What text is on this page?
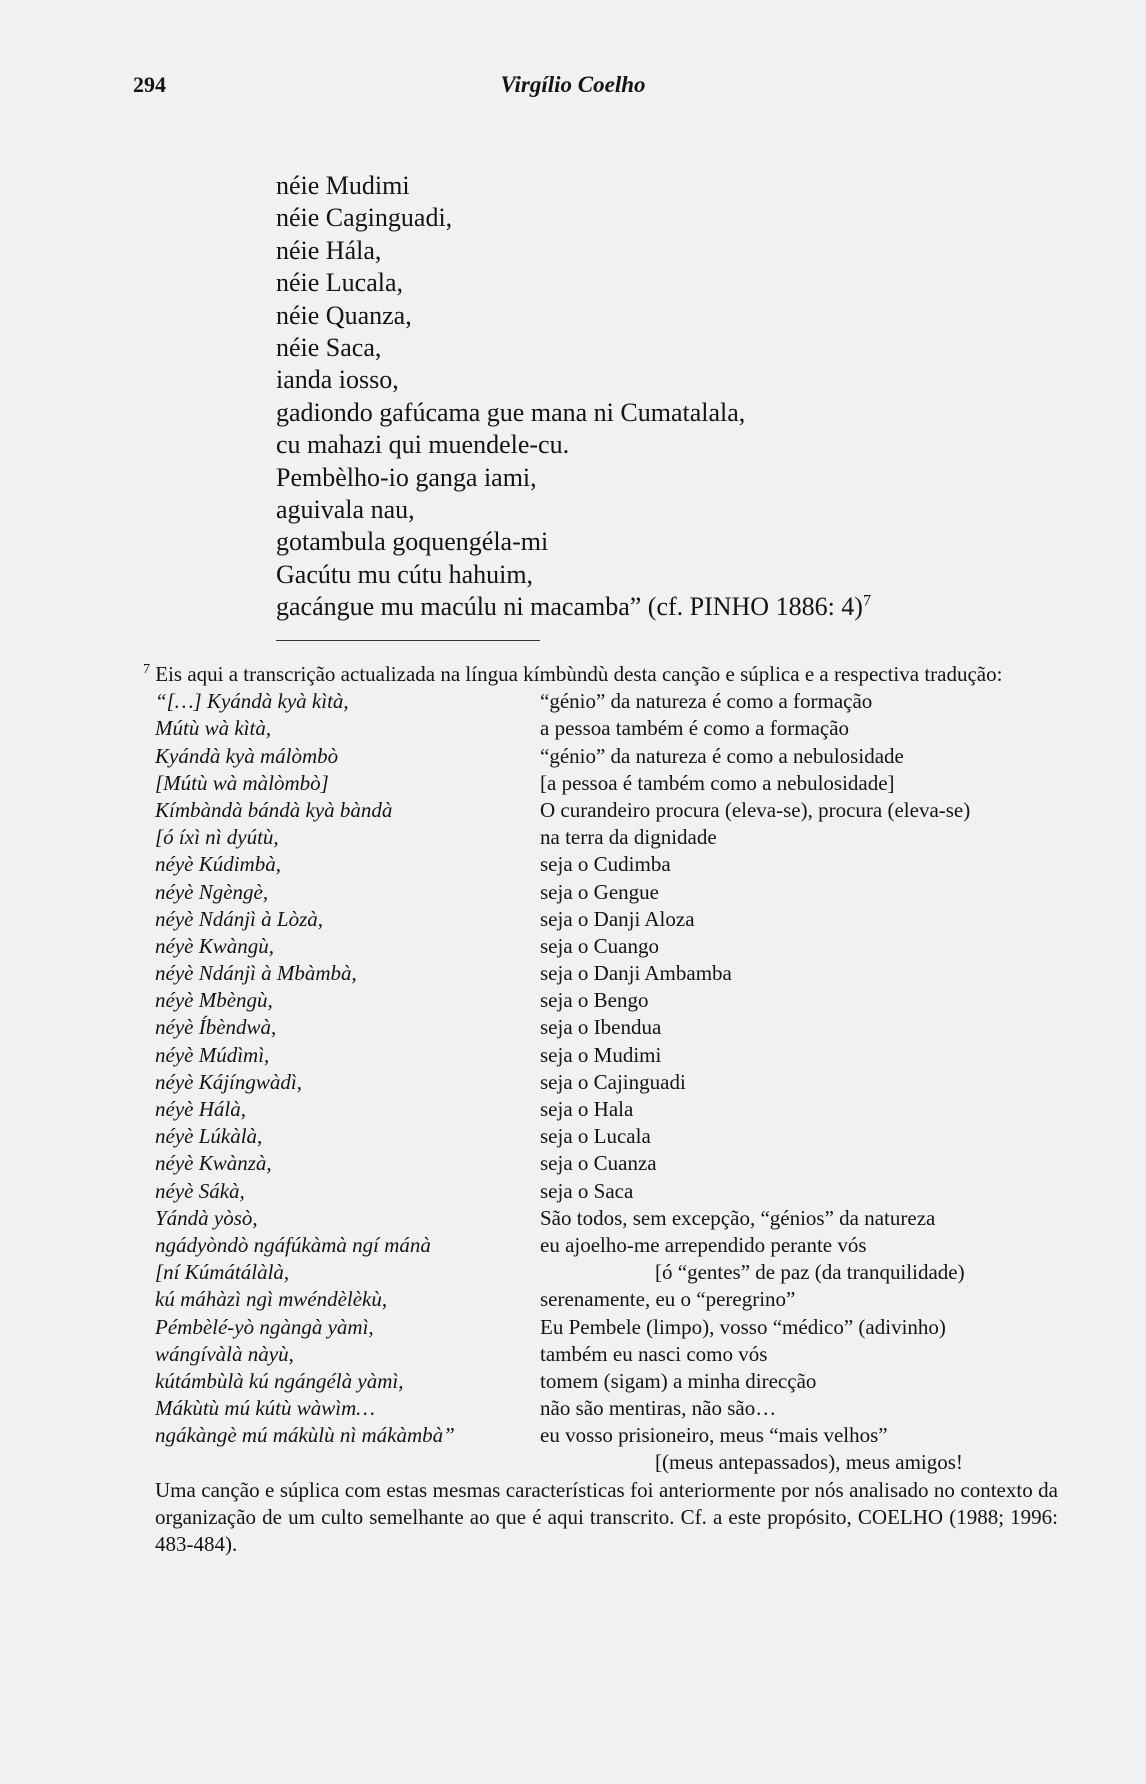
294	Virgílio Coelho
néie Mudimi
néie Caginguadi,
néie Hála,
néie Lucala,
néie Quanza,
néie Saca,
ianda iosso,
gadiondo gafúcama gue mana ni Cumatalala,
cu mahazi qui muendele-cu.
Pembèlho-io ganga iami,
aguivala nau,
gotambula goquengéla-mi
Gacútu mu cútu hahuim,
gacángue mu macúlu ni macamba” (cf. PINHO 1886: 4)$^7$
$^7$ Eis aqui a transcrição actualizada na língua kímbùndù desta canção e súplica e a respectiva tradução:
“[…] Kyándà kyà kìtà,	“génio” da natureza é como a formação
Mútù wà kìtà,	a pessoa também é como a formação
Kyándà kyà málòmbò	“génio” da natureza é como a nebulosidade
[Mútù wà màlòmbò]	[a pessoa é também como a nebulosidade]
Kímbàndà bándà kyà bàndà	O curandeiro procura (eleva-se), procura (eleva-se)
[ó íxì nì dyútù,	na terra da dignidade
néyè Kúdimbà,	seja o Cudimba
néyè Ngèngè,	seja o Gengue
néyè Ndánjì à Lòzà,	seja o Danji Aloza
néyè Kwàngù,	seja o Cuango
néyè Ndánjì à Mbàmbà,	seja o Danji Ambamba
néyè Mbèngù,	seja o Bengo
néyè Íbèndwà,	seja o Ibendua
néyè Múdìmì,	seja o Mudimi
néyè Kájíngwàdì,	seja o Cajinguadi
néyè Hálà,	seja o Hala
néyè Lúkàlà,	seja o Lucala
néyè Kwànzà,	seja o Cuanza
néyè Sákà,	seja o Saca
Yándà yòsò,	São todos, sem excepção, “génios” da natureza
ngádyòndò ngáfúkàmà ngí mánà	eu ajoelho-me arrependido perante vós
[ní Kúmátálàlà,	[ó “gentes” de paz (da tranquilidade)
kú máhàzì ngì mwéndèlèkù,	serenamente, eu o “peregrino”
Pémbèlé-yò ngàngà yàmì,	Eu Pembele (limpo), vosso “médico” (adivinho)
wángívàlà nàyù,	também eu nasci como vós
kútámbùlà kú ngángélà yàmì,	tomem (sigam) a minha direcção
Mákùtù mú kútù wàwìm…	não são mentiras, não são…
ngákàngè mú mákùlù nì mákàmbà”	eu vosso prisioneiro, meus “mais velhos”
[(meus antepassados), meus amigos!
Uma canção e súplica com estas mesmas características foi anteriormente por nós analisado no contexto da organização de um culto semelhante ao que é aqui transcrito. Cf. a este propósito, COELHO (1988; 1996: 483-484).
